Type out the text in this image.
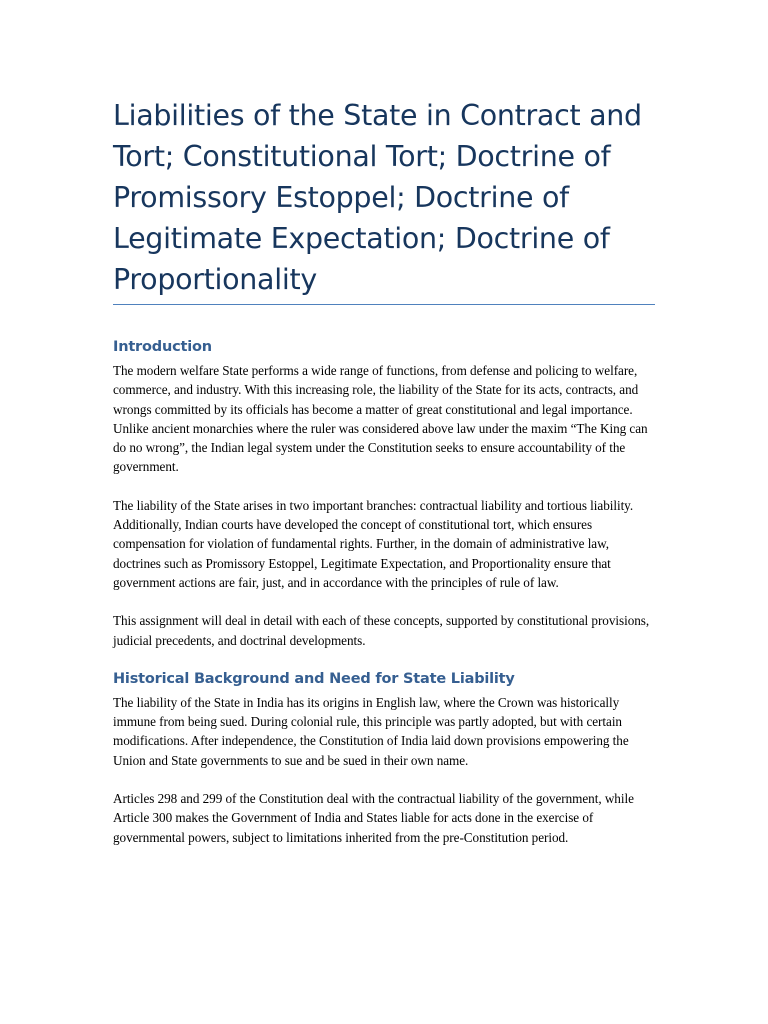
Liabilities of the State in Contract and Tort; Constitutional Tort; Doctrine of Promissory Estoppel; Doctrine of Legitimate Expectation; Doctrine of Proportionality
Introduction

The modern welfare State performs a wide range of functions, from defense and policing to welfare, commerce, and industry. With this increasing role, the liability of the State for its acts, contracts, and wrongs committed by its officials has become a matter of great constitutional and legal importance. Unlike ancient monarchies where the ruler was considered above law under the maxim “The King can do no wrong”, the Indian legal system under the Constitution seeks to ensure accountability of the government.

The liability of the State arises in two important branches: contractual liability and tortious liability. Additionally, Indian courts have developed the concept of constitutional tort, which ensures compensation for violation of fundamental rights. Further, in the domain of administrative law, doctrines such as Promissory Estoppel, Legitimate Expectation, and Proportionality ensure that government actions are fair, just, and in accordance with the principles of rule of law.

This assignment will deal in detail with each of these concepts, supported by constitutional provisions, judicial precedents, and doctrinal developments.

Historical Background and Need for State Liability

The liability of the State in India has its origins in English law, where the Crown was historically immune from being sued. During colonial rule, this principle was partly adopted, but with certain modifications. After independence, the Constitution of India laid down provisions empowering the Union and State governments to sue and be sued in their own name.

Articles 298 and 299 of the Constitution deal with the contractual liability of the government, while Article 300 makes the Government of India and States liable for acts done in the exercise of governmental powers, subject to limitations inherited from the pre-Constitution period.
